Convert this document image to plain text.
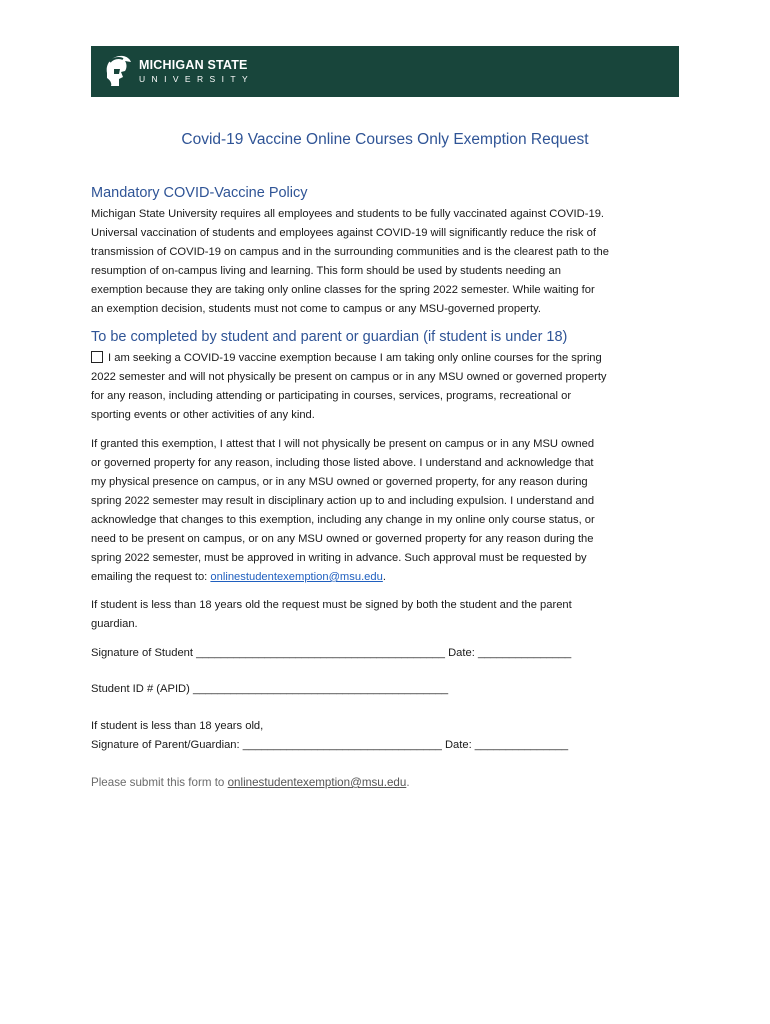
MICHIGAN STATE
UNIVERSITY
Covid-19 Vaccine Online Courses Only Exemption Request
Mandatory COVID-Vaccine Policy

Michigan State University requires all employees and students to be fully vaccinated against COVID-19.
Universal vaccination of students and employees against COVID-19 will significantly reduce the risk of
transmission of COVID-19 on campus and in the surrounding communities and is the clearest path to the
resumption of on-campus living and learning. This form should be used by students needing an
exemption because they are taking only online classes for the spring 2022 semester. While waiting for
an exemption decision, students must not come to campus or any MSU-governed property.

To be completed by student and parent or guardian (if student is under 18)

I am seeking a COVID-19 vaccine exemption because I am taking only online courses for the spring
2022 semester and will not physically be present on campus or in any MSU owned or governed property
for any reason, including attending or participating in courses, services, programs, recreational or
sporting events or other activities of any kind.

If granted this exemption, I attest that I will not physically be present on campus or in any MSU owned
or governed property for any reason, including those listed above. I understand and acknowledge that
my physical presence on campus, or in any MSU owned or governed property, for any reason during
spring 2022 semester may result in disciplinary action up to and including expulsion. I understand and
acknowledge that changes to this exemption, including any change in my online only course status, or
need to be present on campus, or on any MSU owned or governed property for any reason during the
spring 2022 semester, must be approved in writing in advance. Such approval must be requested by
emailing the request to: onlinestudentexemption@msu.edu.

If student is less than 18 years old the request must be signed by both the student and the parent
guardian.

Signature of Student ________________________________________ Date: _______________

Student ID # (APID) _________________________________________

If student is less than 18 years old,

Signature of Parent/Guardian: ________________________________ Date: _______________

Please submit this form to onlinestudentexemption@msu.edu.
